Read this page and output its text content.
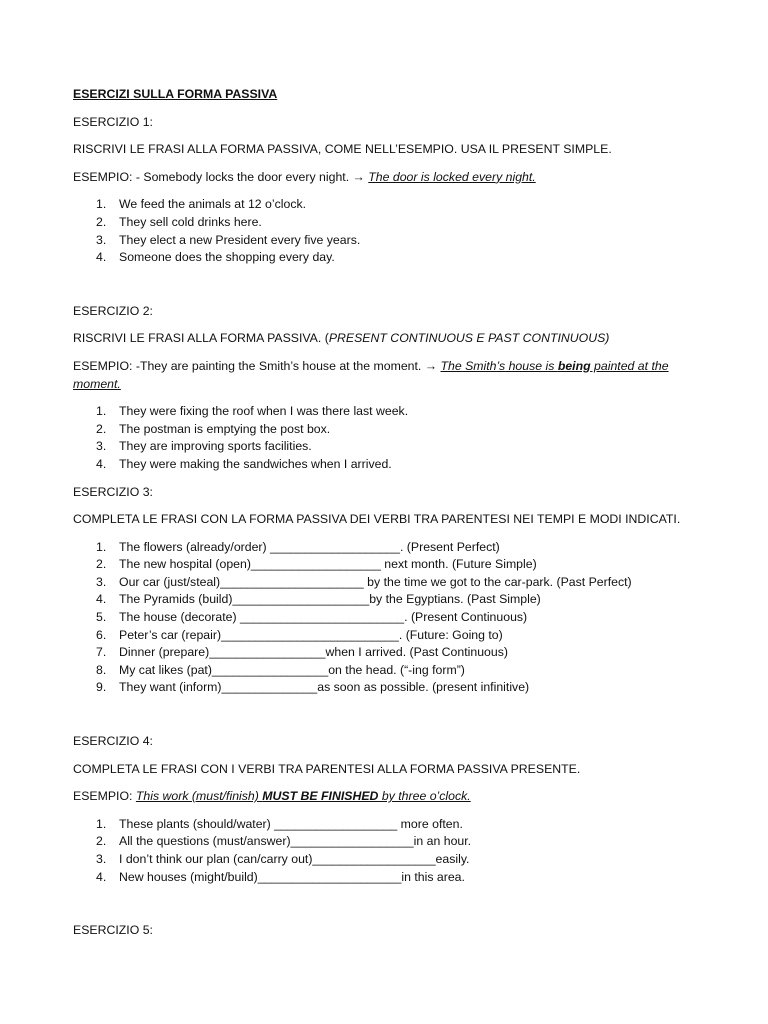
ESERCIZI SULLA FORMA PASSIVA

ESERCIZIO 1:

RISCRIVI LE FRASI ALLA FORMA PASSIVA, COME NELL’ESEMPIO. USA IL PRESENT SIMPLE.

ESEMPIO: - Somebody locks the door every night. → The door is locked every night.

1. We feed the animals at 12 o’clock.
2. They sell cold drinks here.
3. They elect a new President every five years.
4. Someone does the shopping every day.

ESERCIZIO 2:

RISCRIVI LE FRASI ALLA FORMA PASSIVA. (PRESENT CONTINUOUS E PAST CONTINUOUS)

ESEMPIO: -They are painting the Smith’s house at the moment. → The Smith’s house is being painted at the
moment.

1. They were fixing the roof when I was there last week.
2. The postman is emptying the post box.
3. They are improving sports facilities.
4. They were making the sandwiches when I arrived.

ESERCIZIO 3:

COMPLETA LE FRASI CON LA FORMA PASSIVA DEI VERBI TRA PARENTESI NEI TEMPI E MODI INDICATI.

1. The flowers (already/order) ___________________. (Present Perfect)
2. The new hospital (open)___________________ next month. (Future Simple)
3. Our car (just/steal)_____________________ by the time we got to the car-park. (Past Perfect)
4. The Pyramids (build)____________________by the Egyptians. (Past Simple)
5. The house (decorate) ________________________. (Present Continuous)
6. Peter’s car (repair)__________________________. (Future: Going to)
7. Dinner (prepare)_________________when I arrived. (Past Continuous)
8. My cat likes (pat)_________________on the head. (“-ing form”)
9. They want (inform)______________as soon as possible. (present infinitive)

ESERCIZIO 4:

COMPLETA LE FRASI CON I VERBI TRA PARENTESI ALLA FORMA PASSIVA PRESENTE.

ESEMPIO: This work (must/finish) MUST BE FINISHED by three o’clock.

1. These plants (should/water) __________________ more often.
2. All the questions (must/answer)__________________in an hour.
3. I don’t think our plan (can/carry out)__________________easily.
4. New houses (might/build)_____________________in this area.

ESERCIZIO 5:
